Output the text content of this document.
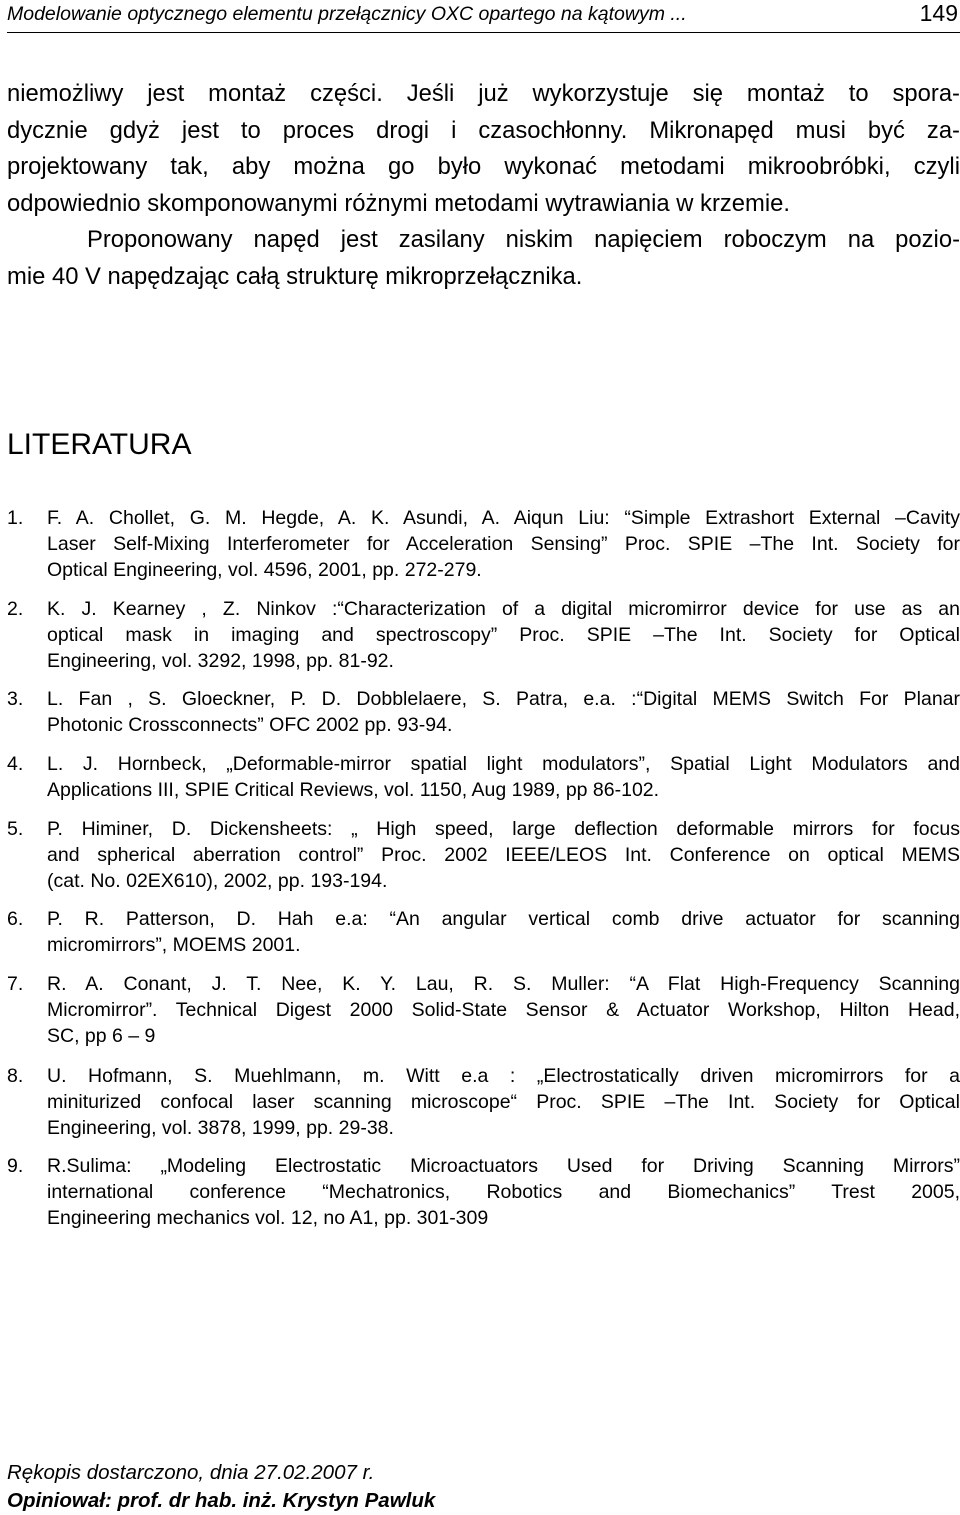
Modelowanie optycznego elementu przełącznicy OXC opartego na kątowym ...	149
niemożliwy jest montaż części. Jeśli już wykorzystuje się montaż to spora-
dycznie gdyż jest to proces drogi i czasochłonny. Mikronapęd musi być za-
projektowany tak, aby można go było wykonać metodami mikroobróbki, czyli
odpowiednio skomponowanymi różnymi metodami wytrawiania w krzemie.
Proponowany napęd jest zasilany niskim napięciem roboczym na pozio-
mie 40 V napędzając całą strukturę mikroprzełącznika.
LITERATURA
1. F. A. Chollet, G. M. Hegde, A. K. Asundi, A. Aiqun Liu: “Simple Extrashort External –Cavity
Laser Self-Mixing Interferometer for Acceleration Sensing” Proc. SPIE –The Int. Society for
Optical Engineering, vol. 4596, 2001, pp. 272-279.
2. K. J. Kearney , Z. Ninkov :“Characterization of a digital micromirror device for use as an
optical mask in imaging and spectroscopy” Proc. SPIE –The Int. Society for Optical
Engineering, vol. 3292, 1998, pp. 81-92.
3. L. Fan , S. Gloeckner, P. D. Dobblelaere, S. Patra, e.a. :“Digital MEMS Switch For Planar
Photonic Crossconnects” OFC 2002 pp. 93-94.
4. L. J. Hornbeck, „Deformable-mirror spatial light modulators”, Spatial Light Modulators and
Applications III, SPIE Critical Reviews, vol. 1150, Aug 1989, pp 86-102.
5. P. Himiner, D. Dickensheets: „ High speed, large deflection deformable mirrors for focus
and spherical aberration control” Proc. 2002 IEEE/LEOS Int. Conference on optical MEMS
(cat. No. 02EX610), 2002, pp. 193-194.
6. P. R. Patterson, D. Hah e.a: “An angular vertical comb drive actuator for scanning
micromirrors”, MOEMS 2001.
7. R. A. Conant, J. T. Nee, K. Y. Lau, R. S. Muller: “A Flat High-Frequency Scanning
Micromirror”. Technical Digest 2000 Solid-State Sensor & Actuator Workshop, Hilton Head,
SC, pp 6 – 9
8. U. Hofmann, S. Muehlmann, m. Witt e.a : „Electrostatically driven micromirrors for a
miniturized confocal laser scanning microscope“ Proc. SPIE –The Int. Society for Optical
Engineering, vol. 3878, 1999, pp. 29-38.
9. R.Sulima: „Modeling Electrostatic Microactuators Used for Driving Scanning Mirrors”
international conference “Mechatronics, Robotics and Biomechanics” Trest 2005,
Engineering mechanics vol. 12, no A1, pp. 301-309
Rękopis dostarczono, dnia 27.02.2007 r.
Opiniował: prof. dr hab. inż. Krystyn Pawluk
